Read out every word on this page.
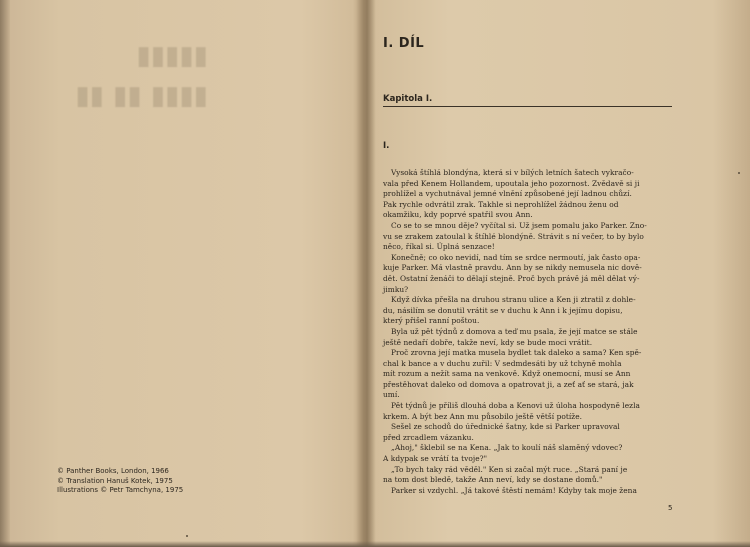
▮▮▮▮▮
▮▮▮▮ ▮▮ ▮▮
© Panther Books, London, 1966
© Translation Hanuš Kotek, 1975
Illustrations © Petr Tamchyna, 1975
I. DÍL
Kapitola I.
I.
Vysoká štíhlá blondýna, která si v bílých letních šatech vykračo-
vala před Kenem Hollandem, upoutala jeho pozornost. Zvědavě si ji
prohlížel a vychutnával jemné vlnění způsobené její ladnou chůzí.
Pak rychle odvrátil zrak. Takhle si neprohlížel žádnou ženu od
okamžiku, kdy poprvé spatřil svou Ann.
Co se to se mnou děje? vyčítal si. Už jsem pomalu jako Parker. Zno-
vu se zrakem zatoulal k štíhlé blondýně. Strávit s ní večer, to by bylo
něco, říkal si. Úplná senzace!
Konečně; co oko nevidí, nad tím se srdce nermoutí, jak často opa-
kuje Parker. Má vlastně pravdu. Ann by se nikdy nemusela nic dově-
dět. Ostatní ženáči to dělají stejně. Proč bych právě já měl dělat vý-
jimku?
Když dívka přešla na druhou stranu ulice a Ken ji ztratil z dohle-
du, násilím se donutil vrátit se v duchu k Ann i k jejímu dopisu,
který přišel ranní poštou.
Byla už pět týdnů z domova a teď mu psala, že její matce se stále
ještě nedaří dobře, takže neví, kdy se bude moci vrátit.
Proč zrovna její matka musela bydlet tak daleko a sama? Ken spě-
chal k bance a v duchu zuřil: V sedmdesáti by už tchyně mohla
mít rozum a nežít sama na venkově. Když onemocní, musí se Ann
přestěhovat daleko od domova a opatrovat ji, a zeť ať se stará, jak
umí.
Pět týdnů je příliš dlouhá doba a Kenovi už úloha hospodyně lezla
krkem. A být bez Ann mu působilo ještě větší potíže.
Sešel ze schodů do úřednické šatny, kde si Parker upravoval
před zrcadlem vázanku.
„Ahoj," šklebil se na Kena. „Jak to koulí náš slaměný vdovec?
A kdypak se vrátí ta tvoje?"
„To bych taky rád věděl." Ken si začal mýt ruce. „Stará paní je
na tom dost bledě, takže Ann neví, kdy se dostane domů."
Parker si vzdychl. „Já takové štěstí nemám! Kdyby tak moje žena
5
